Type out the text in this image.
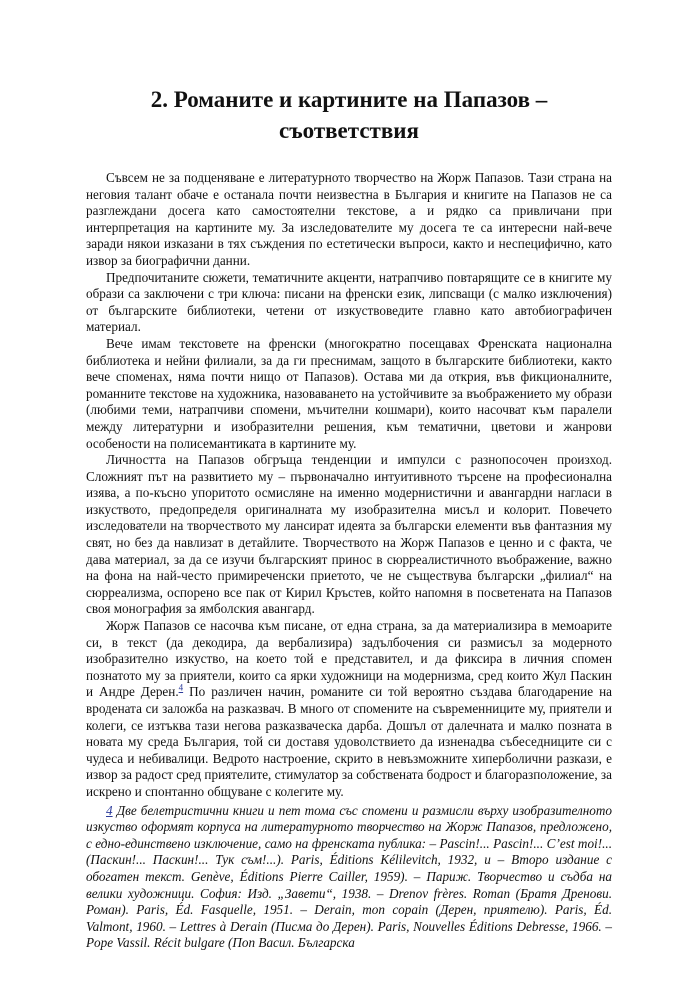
2. Романите и картините на Папазов –
съответствия

Съвсем не за подценяване е литературното творчество на Жорж Папазов. Тази страна на неговия талант обаче е останала почти неизвестна в България и книгите на Папазов не са разглеждани досега като самостоятелни текстове, а и рядко са привличани при интерпретация на картините му. За изследователите му досега те са интересни най-вече заради някои изказани в тях съждения по естетически въпроси, както и неспецифично, като извор за биографични данни.

Предпочитаните сюжети, тематичните акценти, натрапчиво повтарящите се в книгите му образи са заключени с три ключа: писани на френски език, липсващи (с малко изключения) от българските библиотеки, четени от изкуствоведите главно като автобиографичен материал.

Вече имам текстовете на френски (многократно посещавах Френската национална библиотека и нейни филиали, за да ги преснимам, защото в българските библиотеки, както вече споменах, няма почти нищо от Папазов). Остава ми да открия, във фикционалните, романните текстове на художника, назоваването на устойчивите за въображението му образи (любими теми, натрапчиви спомени, мъчителни кошмари), които насочват към паралели между литературни и изобразителни решения, към тематични, цветови и жанрови особености на полисемантиката в картините му.

Личността на Папазов обгръща тенденции и импулси с разнопосочен произход. Сложният път на развитието му – първоначално интуитивното търсене на професионална изява, а по-късно упоритото осмисляне на именно модернистични и авангардни нагласи в изкуството, предопределя оригиналната му изобразителна мисъл и колорит. Повечето изследователи на творчеството му лансират идеята за български елементи във фантазния му свят, но без да навлизат в детайлите. Творчеството на Жорж Папазов е ценно и с факта, че дава материал, за да се изучи българският принос в сюрреалистичното въображение, важно на фона на най-често примиреченски приетото, че не съществува български „филиал“ на сюрреализма, оспорено все пак от Кирил Кръстев, който напомня в посветената на Папазов своя монография за ямболския авангард.

Жорж Папазов се насочва към писане, от една страна, за да материализира в мемоарите си, в текст (да декодира, да вербализира) задълбочения си размисъл за модерното изобразително изкуство, на което той е представител, и да фиксира в личния спомен познатото му за приятели, които са ярки художници на модернизма, сред които Жул Паскин и Андре Дерен.$^4$ По различен начин, романите си той вероятно създава благодарение на вродената си заложба на разказвач. В много от спомените на съвременниците му, приятели и колеги, се изтъква тази негова разказваческа дарба. Дошъл от далечната и малко позната в новата му среда България, той си доставя удоволствието да изненадва събеседниците си с чудеса и небивалици. Ведрото настроение, скрито в невъзможните хиперболични разкази, е извор за радост сред приятелите, стимулатор за собствената бодрост и благоразположение, за искрено и спонтанно общуване с колегите му.

4 Две белетристични книги и пет тома със спомени и размисли върху изобразителното изкуство оформят корпуса на литературното творчество на Жорж Папазов, предложено, с едно-единствено изключение, само на френската публика: – Pascin!... Pascin!... C’est moi!... (Паскин!... Паскин!... Тук съм!...). Paris, Éditions Kélilevitch, 1932, и – Второ издание с обогатен текст. Genève, Éditions Pierre Cailler, 1959). – Париж. Творчество и съдба на велики художници. София: Изд. „Завети“, 1938. – Drenov frères. Roman (Братя Дренови. Роман). Paris, Éd. Fasquelle, 1951. – Derain, mon copain (Дерен, приятелю). Paris, Éd. Valmont, 1960. – Lettres à Derain (Писма до Дерен). Paris, Nouvelles Éditions Debresse, 1966. – Pope Vassil. Récit bulgare (Поп Васил. Българска
